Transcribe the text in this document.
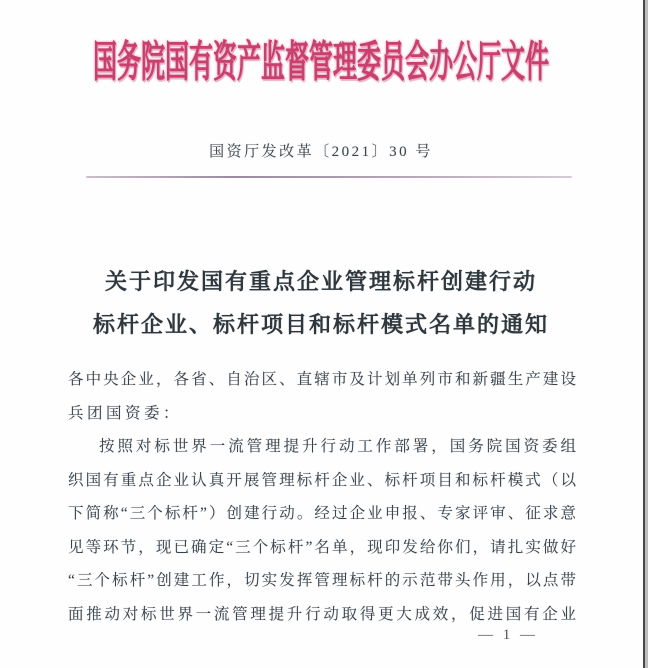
国务院国有资产监督管理委员会办公厅文件
国资厅发改革〔2021〕30 号
关于印发国有重点企业管理标杆创建行动
标杆企业、标杆项目和标杆模式名单的通知
各中央企业，各省、自治区、直辖市及计划单列市和新疆生产建设
兵团国资委：
按照对标世界一流管理提升行动工作部署，国务院国资委组
织国有重点企业认真开展管理标杆企业、标杆项目和标杆模式（以
下简称“三个标杆”）创建行动。经过企业申报、专家评审、征求意
见等环节，现已确定“三个标杆”名单，现印发给你们，请扎实做好
“三个标杆”创建工作，切实发挥管理标杆的示范带头作用，以点带
面推动对标世界一流管理提升行动取得更大成效，促进国有企业
— 1 —
